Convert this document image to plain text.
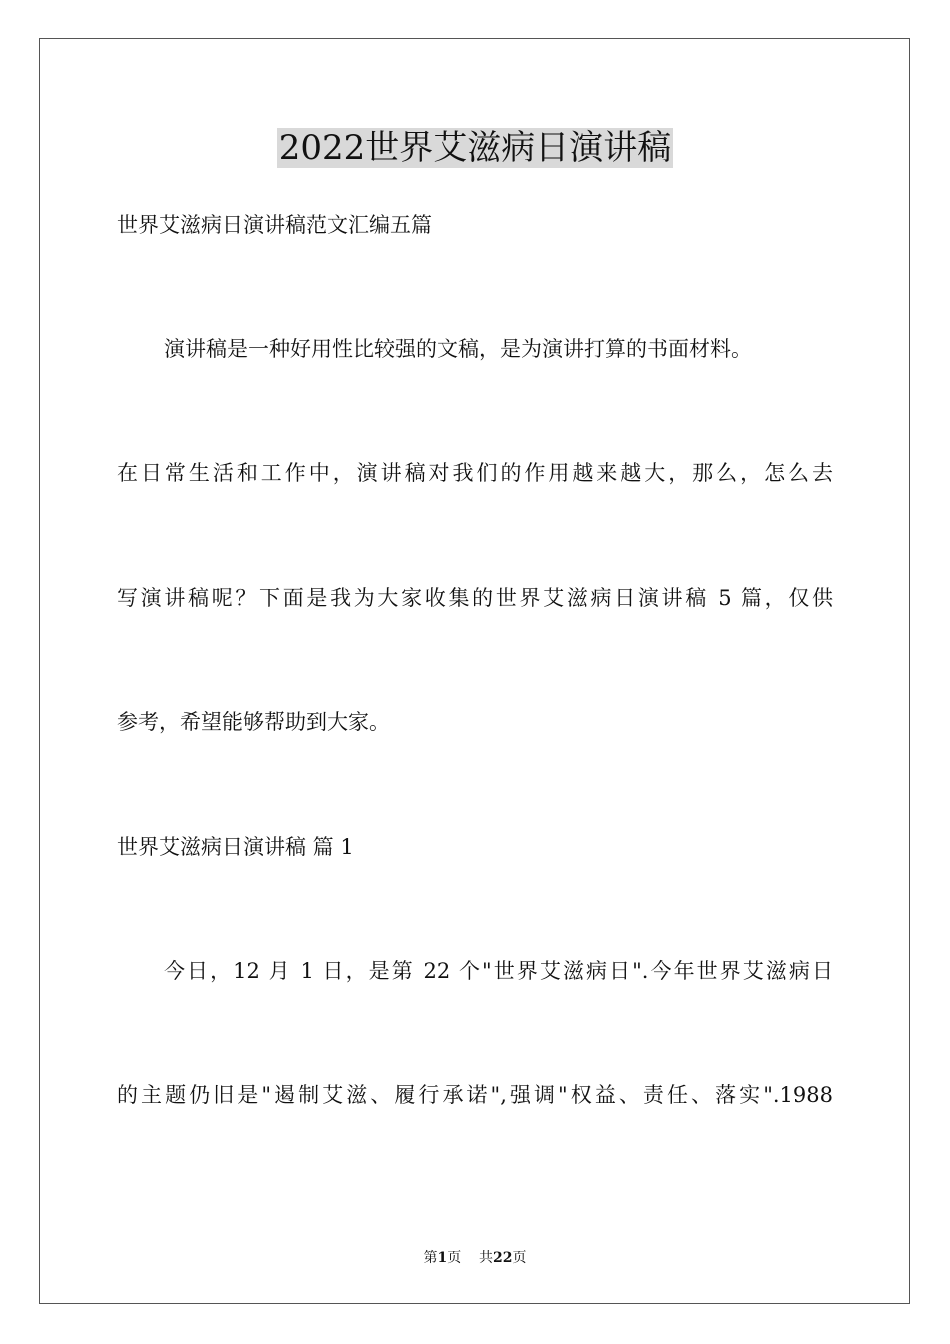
2022世界艾滋病日演讲稿
世界艾滋病日演讲稿范文汇编五篇
演讲稿是一种好用性比较强的文稿，是为演讲打算的书面材料。
在日常生活和工作中，演讲稿对我们的作用越来越大，那么，怎么去
写演讲稿呢？下面是我为大家收集的世界艾滋病日演讲稿 5 篇，仅供
参考，希望能够帮助到大家。
世界艾滋病日演讲稿 篇 1
今日，12 月 1 日，是第 22 个"世界艾滋病日".今年世界艾滋病日
的主题仍旧是"遏制艾滋、履行承诺",强调"权益、责任、落实".1988
第1页 共22页
